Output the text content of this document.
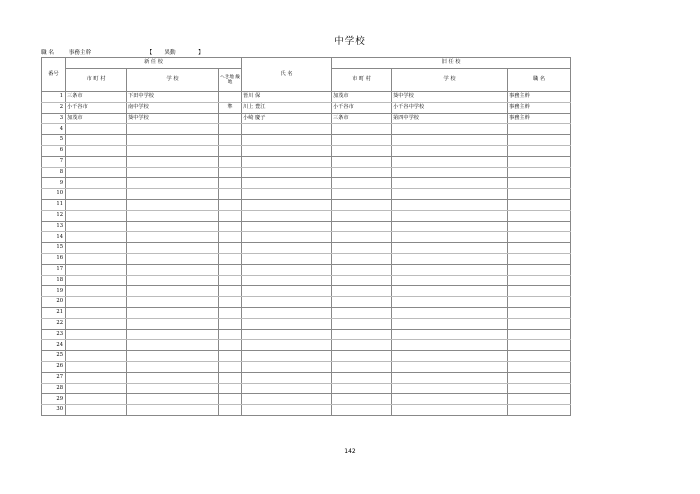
中学校
職 名	事務主幹	【 異動	】
番号	新 任 校			氏 名	旧 任 校		
	市 町 村	学 校	へき地 級 地		市 町 村	学 校	職 名
1	三条市	下田中学校		皆川 保	加茂市	葵中学校	事務主幹
2	小千谷市	南中学校	準	川上 豊江	小千谷市	小千谷中学校	事務主幹
3	加茂市	葵中学校		小崎 慶子	三条市	第四中学校	事務主幹
4							
5							
6							
7							
8							
9							
10							
11							
12							
13							
14							
15							
16							
17							
18							
19							
20							
21							
22							
23							
24							
25							
26							
27							
28							
29							
30							
142
